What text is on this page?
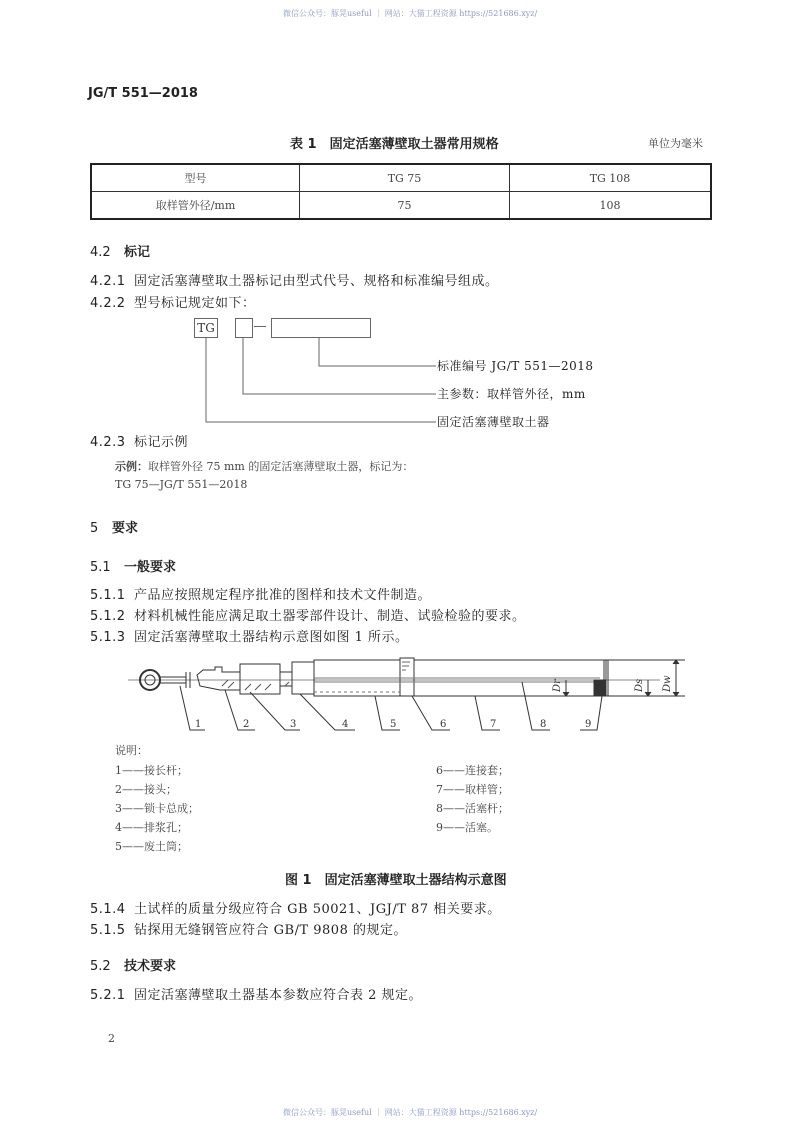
微信公众号：豚晃useful ｜ 网站：大猫工程资源 https://521686.xyz/
JG/T 551—2018
表 1　固定活塞薄壁取土器常用规格	单位为毫米
型号	TG 75	TG 108
取样管外径/mm	75	108
4.2 标记
4.2.1 固定活塞薄壁取土器标记由型式代号、规格和标准编号组成。
4.2.2 型号标记规定如下：
TG
标准编号 JG/T 551—2018
主参数：取样管外径，mm
固定活塞薄壁取土器
4.2.3 标记示例
示例：取样管外径 75 mm 的固定活塞薄壁取土器，标记为：
TG 75—JG/T 551—2018
5 要求
5.1 一般要求
5.1.1 产品应按照规定程序批准的图样和技术文件制造。
5.1.2 材料机械性能应满足取土器零部件设计、制造、试验检验的要求。
5.1.3 固定活塞薄壁取土器结构示意图如图 1 所示。
1	2	3	4	5	6	7	8	9
Dr	Ds Dw
说明：
1——接长杆；
2——接头；
3——锁卡总成；
4——排浆孔；
5——废土筒；
6——连接套；
7——取样管；
8——活塞杆；
9——活塞。
图 1　固定活塞薄壁取土器结构示意图
5.1.4 土试样的质量分级应符合 GB 50021、JGJ/T 87 相关要求。
5.1.5 钻探用无缝钢管应符合 GB/T 9808 的规定。
5.2 技术要求
5.2.1 固定活塞薄壁取土器基本参数应符合表 2 规定。
2
微信公众号：豚晃useful ｜ 网站：大猫工程资源 https://521686.xyz/
